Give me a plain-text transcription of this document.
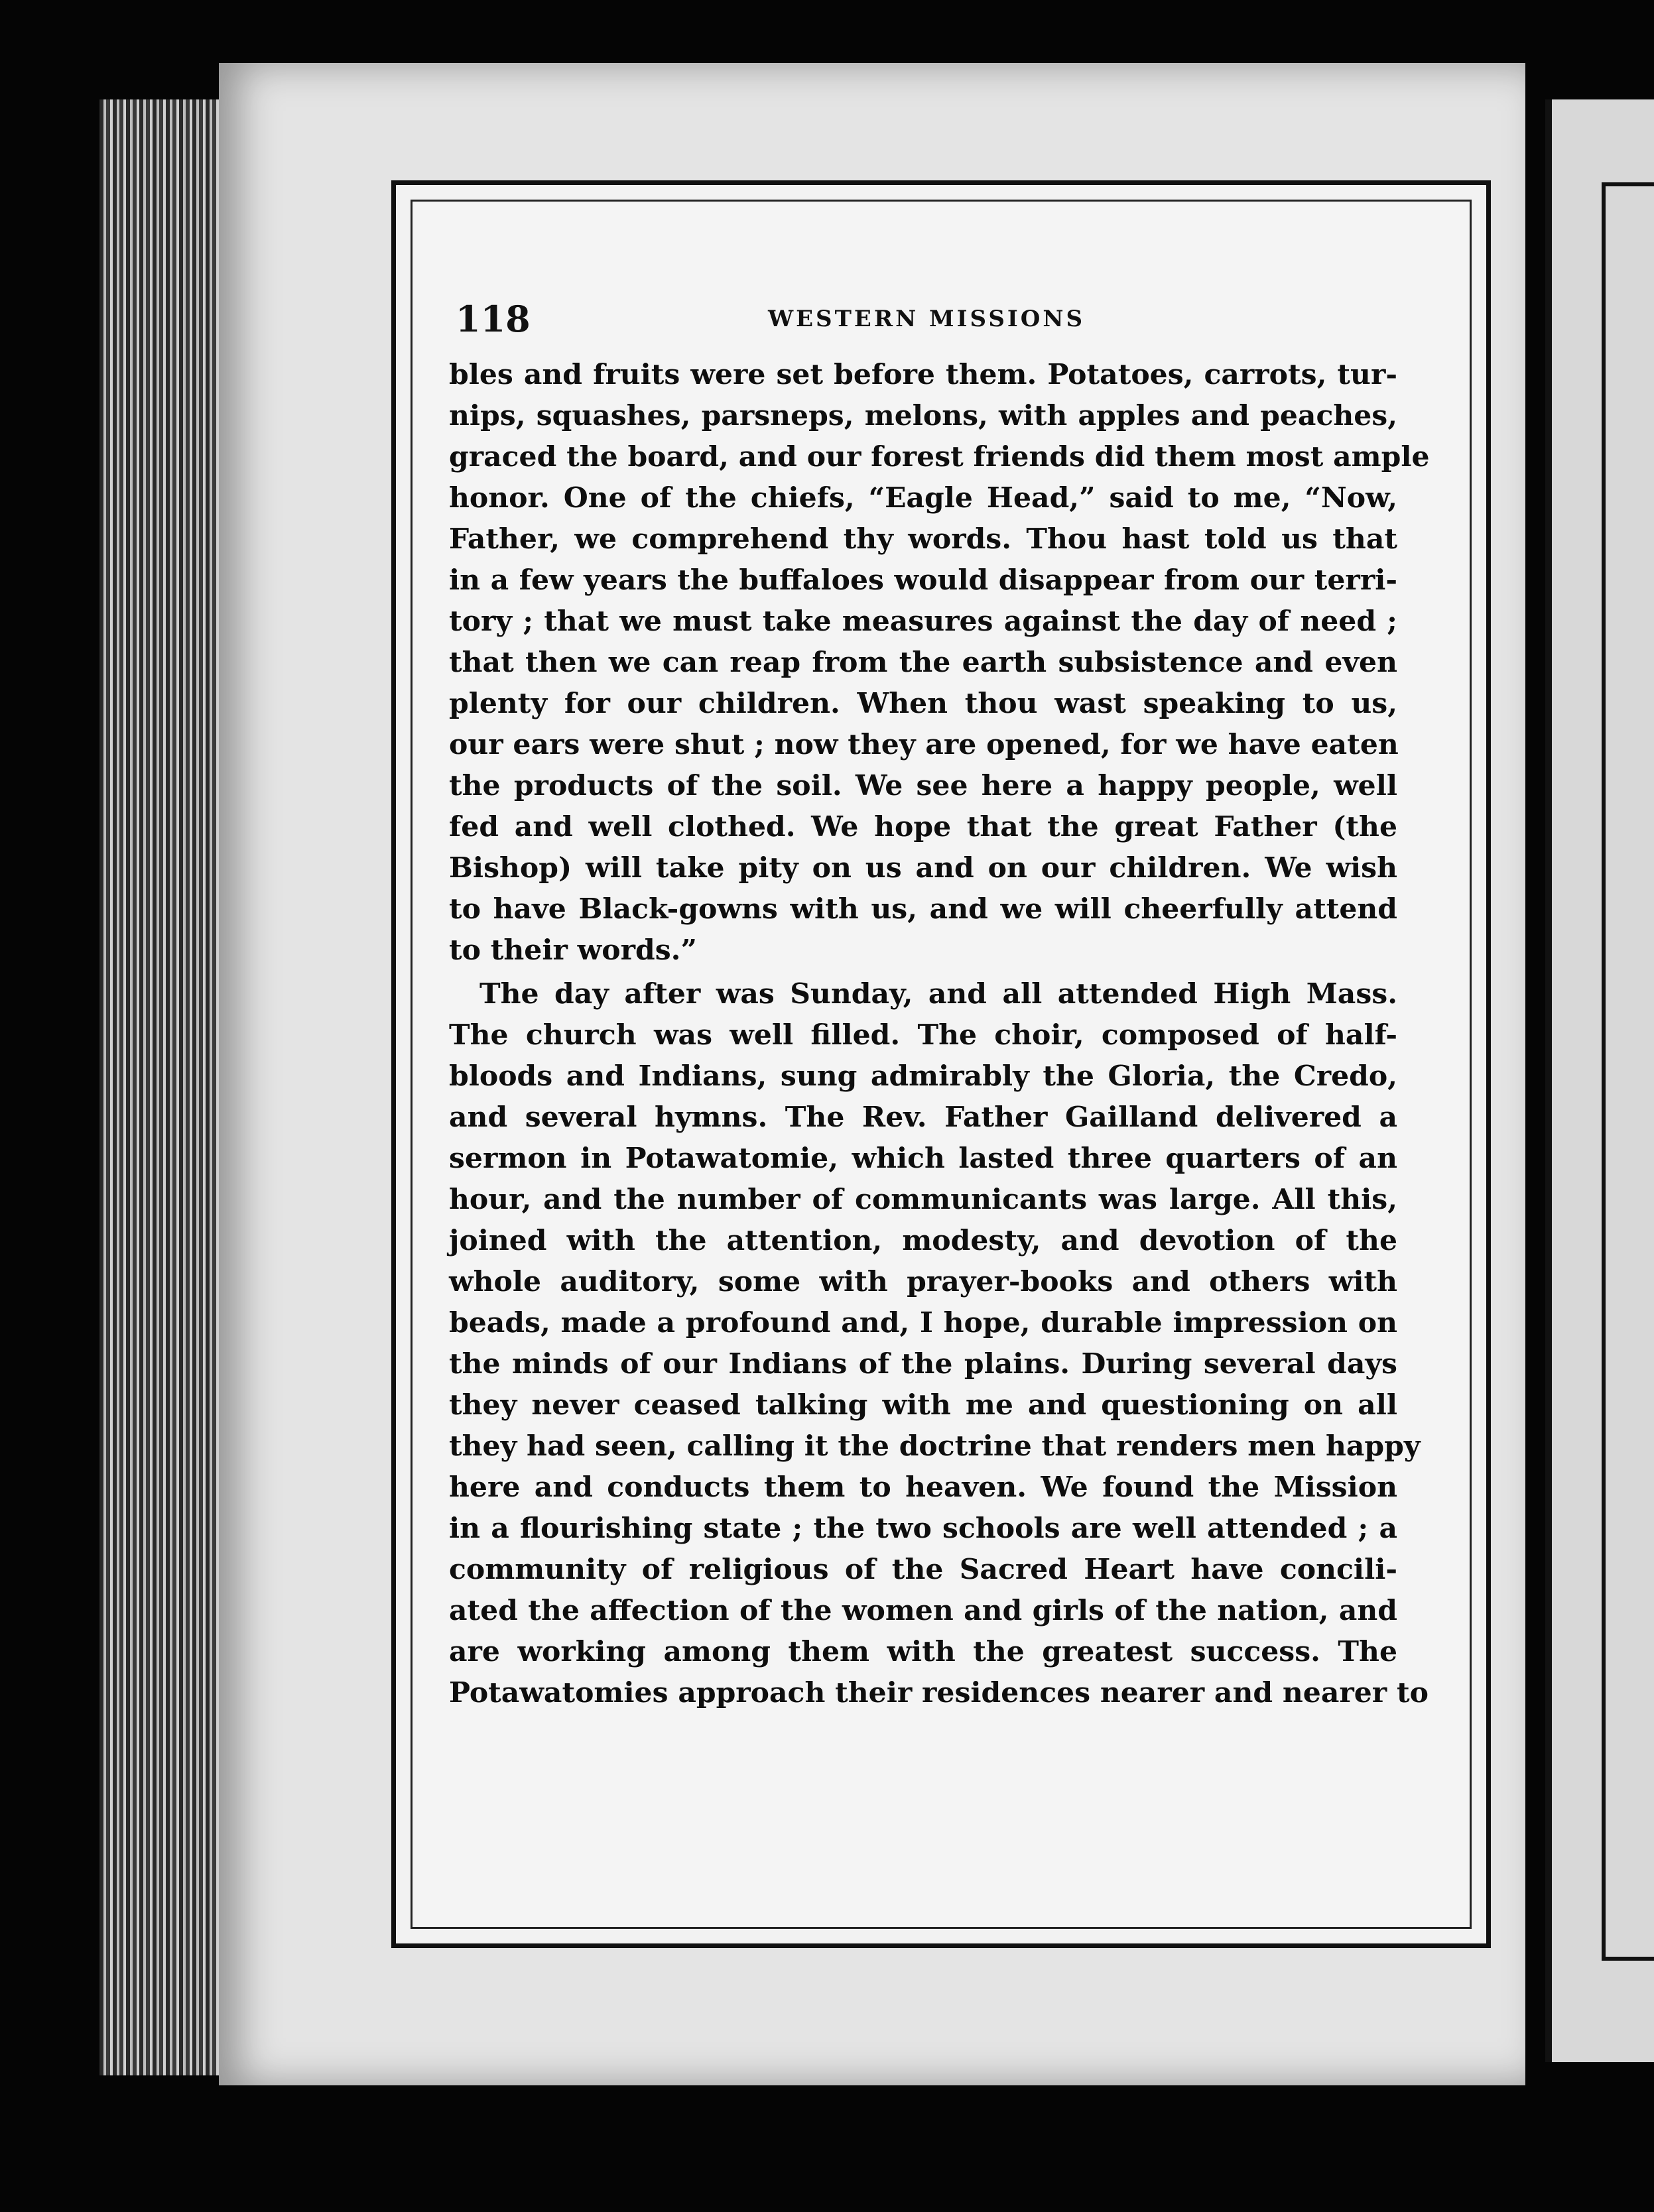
118	WESTERN MISSIONS
bles and fruits were set before them. Potatoes, carrots, tur-
nips, squashes, parsneps, melons, with apples and peaches,
graced the board, and our forest friends did them most ample
honor. One of the chiefs, “Eagle Head,” said to me, “Now,
Father, we comprehend thy words. Thou hast told us that
in a few years the buffaloes would disappear from our terri-
tory ; that we must take measures against the day of need ;
that then we can reap from the earth subsistence and even
plenty for our children. When thou wast speaking to us,
our ears were shut ; now they are opened, for we have eaten
the products of the soil. We see here a happy people, well
fed and well clothed. We hope that the great Father (the
Bishop) will take pity on us and on our children. We wish
to have Black-gowns with us, and we will cheerfully attend
to their words.”
The day after was Sunday, and all attended High Mass.
The church was well filled. The choir, composed of half-
bloods and Indians, sung admirably the Gloria, the Credo,
and several hymns. The Rev. Father Gailland delivered a
sermon in Potawatomie, which lasted three quarters of an
hour, and the number of communicants was large. All this,
joined with the attention, modesty, and devotion of the
whole auditory, some with prayer-books and others with
beads, made a profound and, I hope, durable impression on
the minds of our Indians of the plains. During several days
they never ceased talking with me and questioning on all
they had seen, calling it the doctrine that renders men happy
here and conducts them to heaven. We found the Mission
in a flourishing state ; the two schools are well attended ; a
community of religious of the Sacred Heart have concili-
ated the affection of the women and girls of the nation, and
are working among them with the greatest success. The
Potawatomies approach their residences nearer and nearer to
